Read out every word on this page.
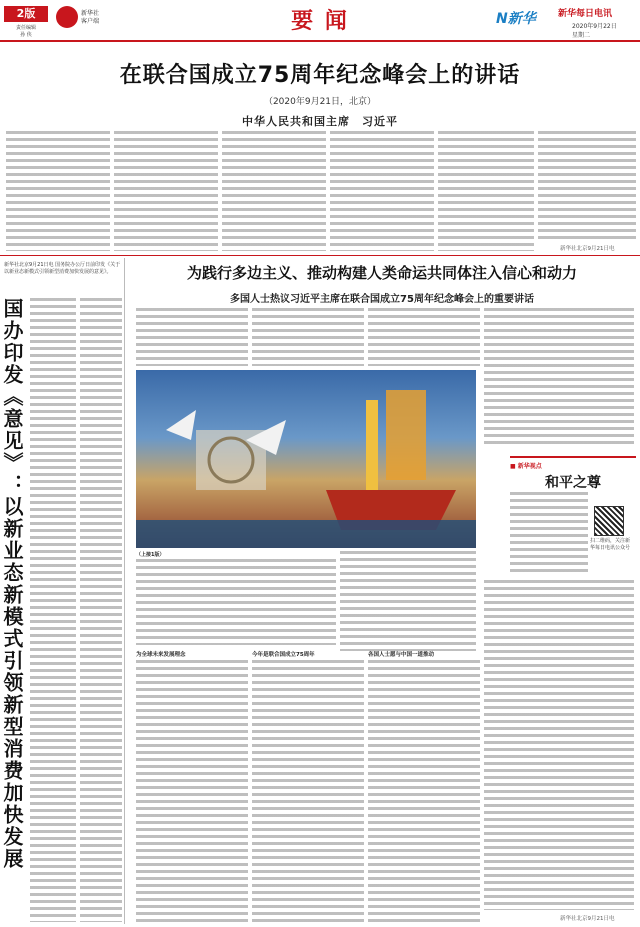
2版
责任编辑
孙 侠
新华社
客户端	要 闻	N新华	新华每日电讯
2020年9月22日
星期二
在联合国成立75周年纪念峰会上的讲话
（2020年9月21日，北京）
中华人民共和国主席　习近平
新华社北京9月21日电
新华社北京9月21日电 国务院办公厅日前印发《关于以新业态新模式引领新型消费加快发展的意见》。
国办印发《意见》：以新业态新模式引领新型消费加快发展
为践行多边主义、推动构建人类命运共同体注入信心和动力
多国人士热议习近平主席在联合国成立75周年纪念峰会上的重要讲话
（上接1版）
为全球未来发展理念	今年是联合国成立75周年	各国人士愿与中国一道推动
新华社北京9月21日电
■ 新华视点
和平之尊
扫二维码，关注新华每日电讯公众号
